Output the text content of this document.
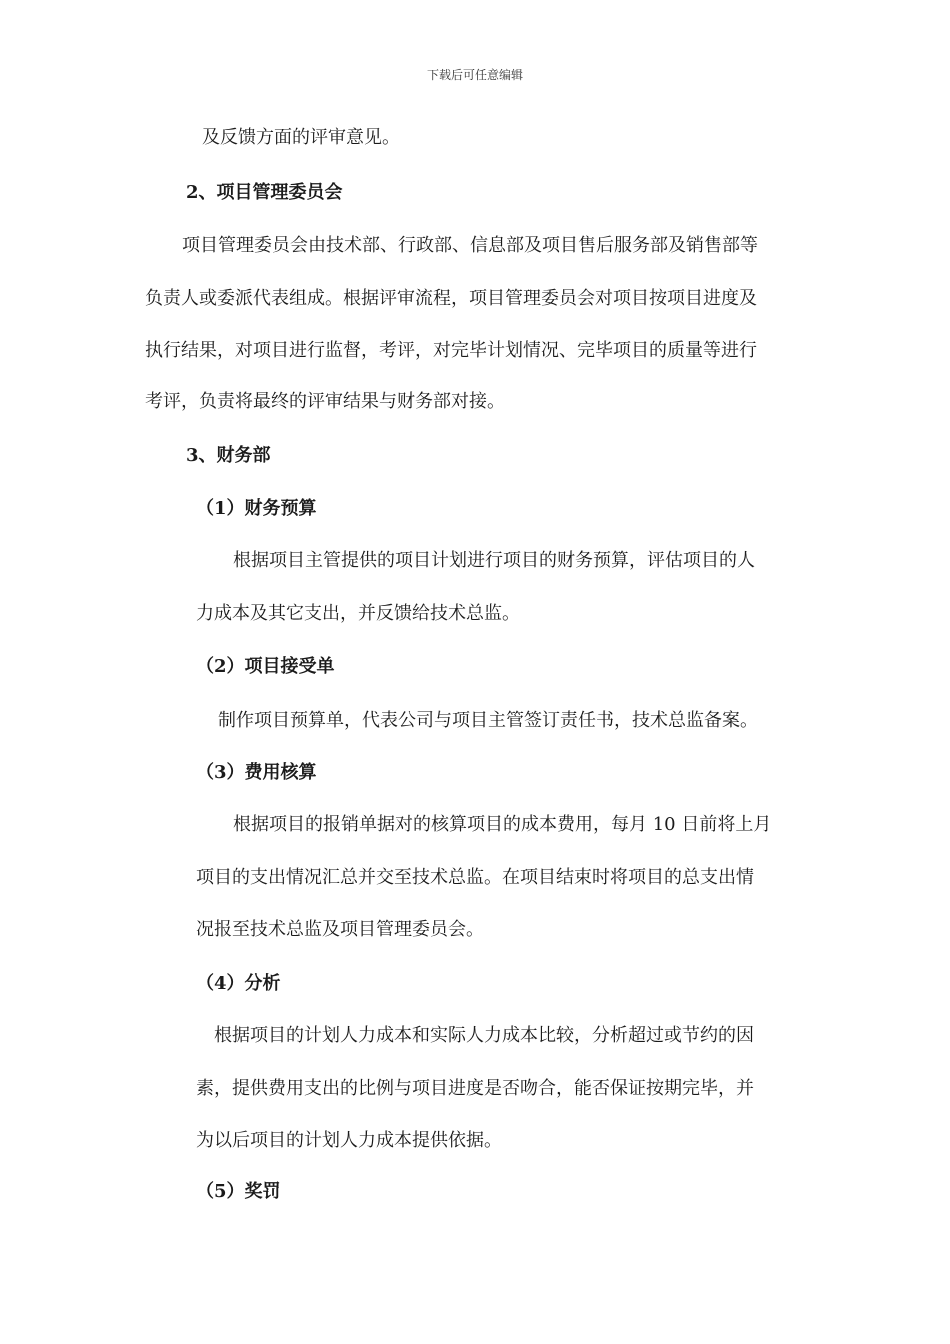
下载后可任意编辑
及反馈方面的评审意见。
2、项目管理委员会
项目管理委员会由技术部、行政部、信息部及项目售后服务部及销售部等
负责人或委派代表组成。根据评审流程，项目管理委员会对项目按项目进度及
执行结果，对项目进行监督，考评，对完毕计划情况、完毕项目的质量等进行
考评，负责将最终的评审结果与财务部对接。
3、财务部
（1）财务预算
根据项目主管提供的项目计划进行项目的财务预算，评估项目的人
力成本及其它支出，并反馈给技术总监。
（2）项目接受单
制作项目预算单，代表公司与项目主管签订责任书，技术总监备案。
（3）费用核算
根据项目的报销单据对的核算项目的成本费用，每月 10 日前将上月
项目的支出情况汇总并交至技术总监。在项目结束时将项目的总支出情
况报至技术总监及项目管理委员会。
（4）分析
根据项目的计划人力成本和实际人力成本比较，分析超过或节约的因
素，提供费用支出的比例与项目进度是否吻合，能否保证按期完毕，并
为以后项目的计划人力成本提供依据。
（5）奖罚
